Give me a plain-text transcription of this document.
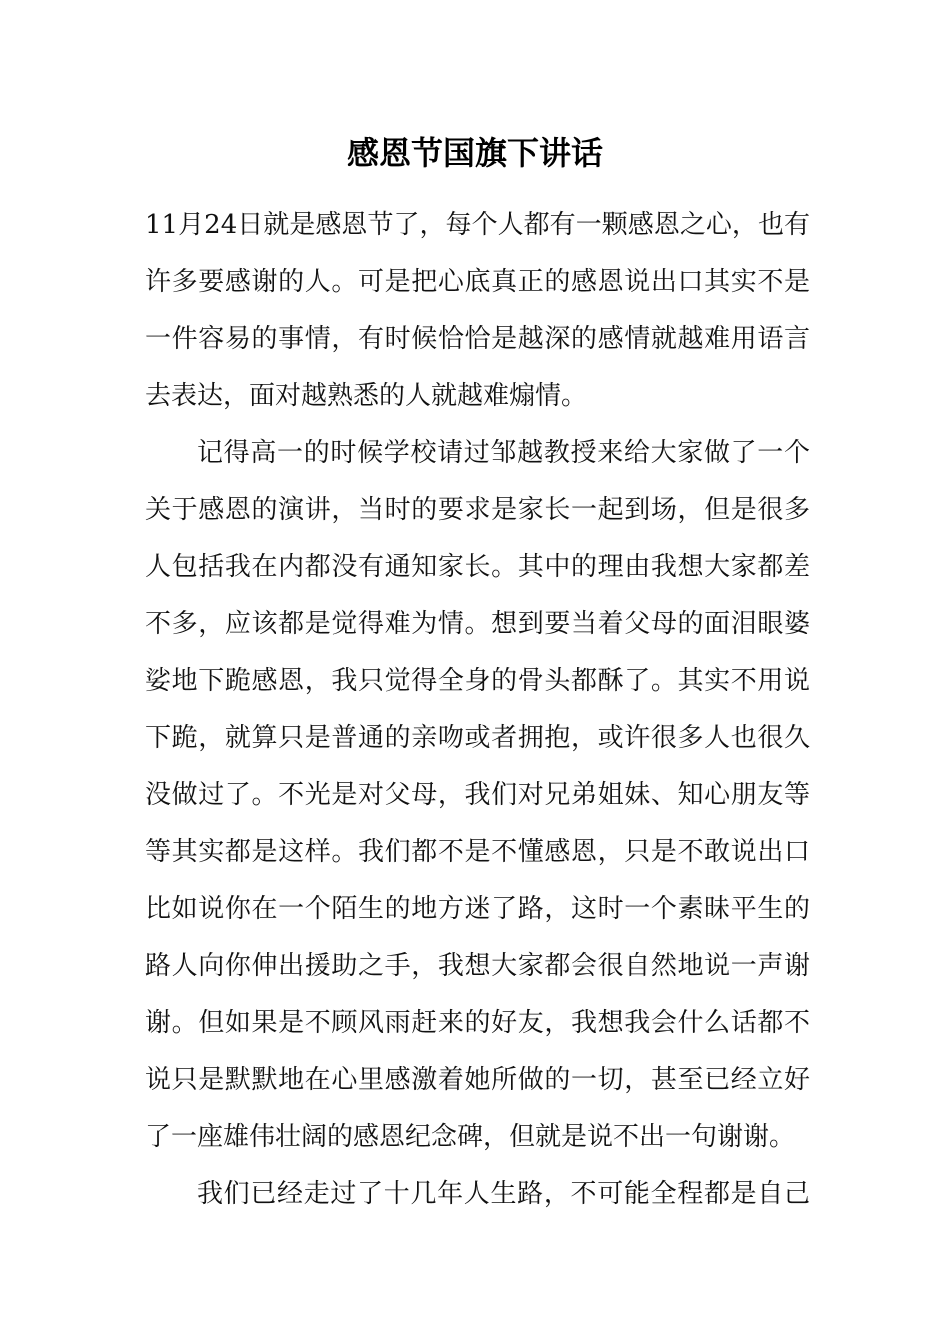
感恩节国旗下讲话
11月24日就是感恩节了，每个人都有一颗感恩之心，也有
许多要感谢的人。可是把心底真正的感恩说出口其实不是
一件容易的事情，有时候恰恰是越深的感情就越难用语言
去表达，面对越熟悉的人就越难煽情。
记得高一的时候学校请过邹越教授来给大家做了一个
关于感恩的演讲，当时的要求是家长一起到场，但是很多
人包括我在内都没有通知家长。其中的理由我想大家都差
不多，应该都是觉得难为情。想到要当着父母的面泪眼婆
娑地下跪感恩，我只觉得全身的骨头都酥了。其实不用说
下跪，就算只是普通的亲吻或者拥抱，或许很多人也很久
没做过了。不光是对父母，我们对兄弟姐妹、知心朋友等
等其实都是这样。我们都不是不懂感恩，只是不敢说出口
比如说你在一个陌生的地方迷了路，这时一个素昧平生的
路人向你伸出援助之手，我想大家都会很自然地说一声谢
谢。但如果是不顾风雨赶来的好友，我想我会什么话都不
说只是默默地在心里感激着她所做的一切，甚至已经立好
了一座雄伟壮阔的感恩纪念碑，但就是说不出一句谢谢。
我们已经走过了十几年人生路，不可能全程都是自己
